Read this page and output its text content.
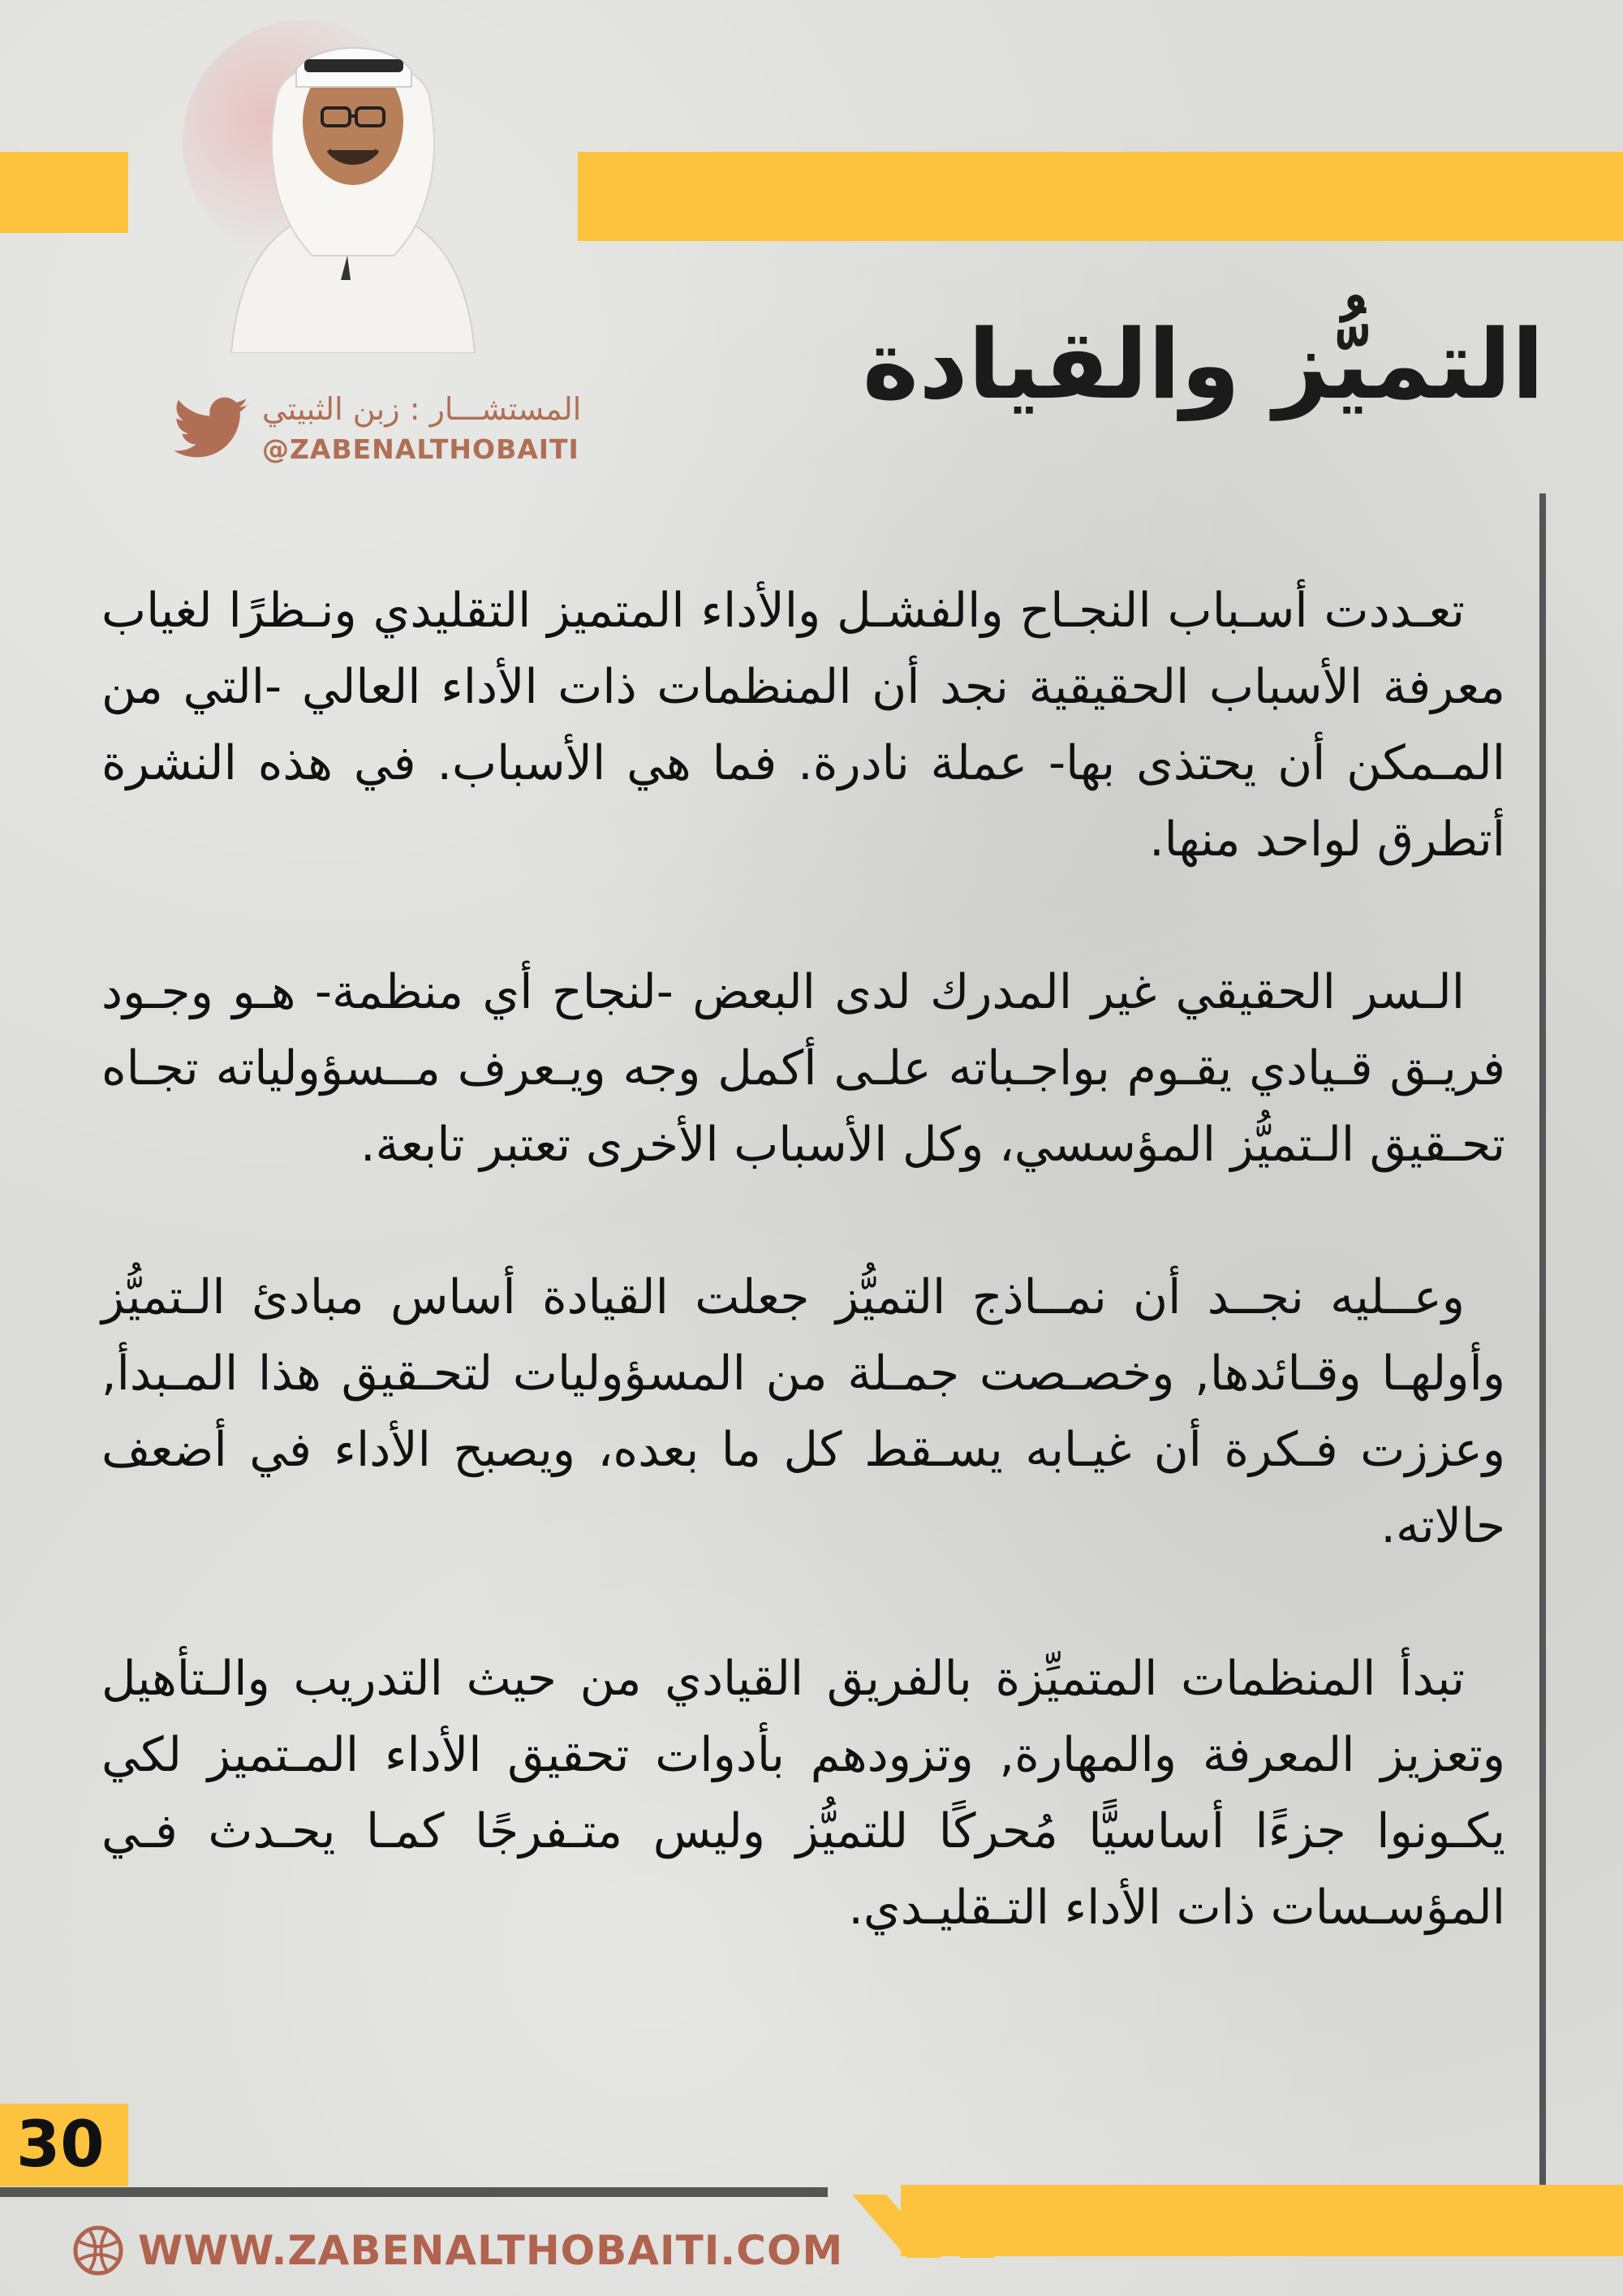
المستشـــار : زبن الثبيتي
@ZABENALTHOBAITI
التميُّز والقيادة

تعـددت أسـباب النجـاح والفشـل والأداء المتميز التقليدي ونـظرًا لغياب معرفة الأسباب الحقيقية نجد أن المنظمات ذات الأداء العالي -التي من المـمكن أن يحتذى بها- عملة نادرة. فما هي الأسباب. في هذه النشرة أتطرق لواحد منها.

الـسر الحقيقي غير المدرك لدى البعض -لنجاح أي منظمة- هـو وجـود فريـق قـيادي يقـوم بواجـباته علـى أكمل وجه ويـعرف مــسؤولياته تجـاه تحـقيق الـتميُّز المؤسسي، وكل الأسباب الأخرى تعتبر تابعة.

وعــليه نجــد أن نمــاذج التميُّز جعلت القيادة أساس مبادئ الـتميُّز وأولهـا وقـائدها, وخصـصت جمـلة من المسؤوليات لتحـقيق هذا المـبدأ, وعززت فـكرة أن غيـابه يسـقط كل ما بعده، ويصبح الأداء في أضعف حالاته.

تبدأ المنظمات المتميِّزة بالفريق القيادي من حيث التدريب والـتأهيل وتعزيز المعرفة والمهارة, وتزودهم بأدوات تحقيق الأداء المـتميز لكي يكـونوا جزءًا أساسيًّا مُحركًا للتميُّز وليس متـفرجًا كمـا يحـدث فـي المؤسـسات ذات الأداء التـقليـدي.

30
WWW.ZABENALTHOBAITI.COM
